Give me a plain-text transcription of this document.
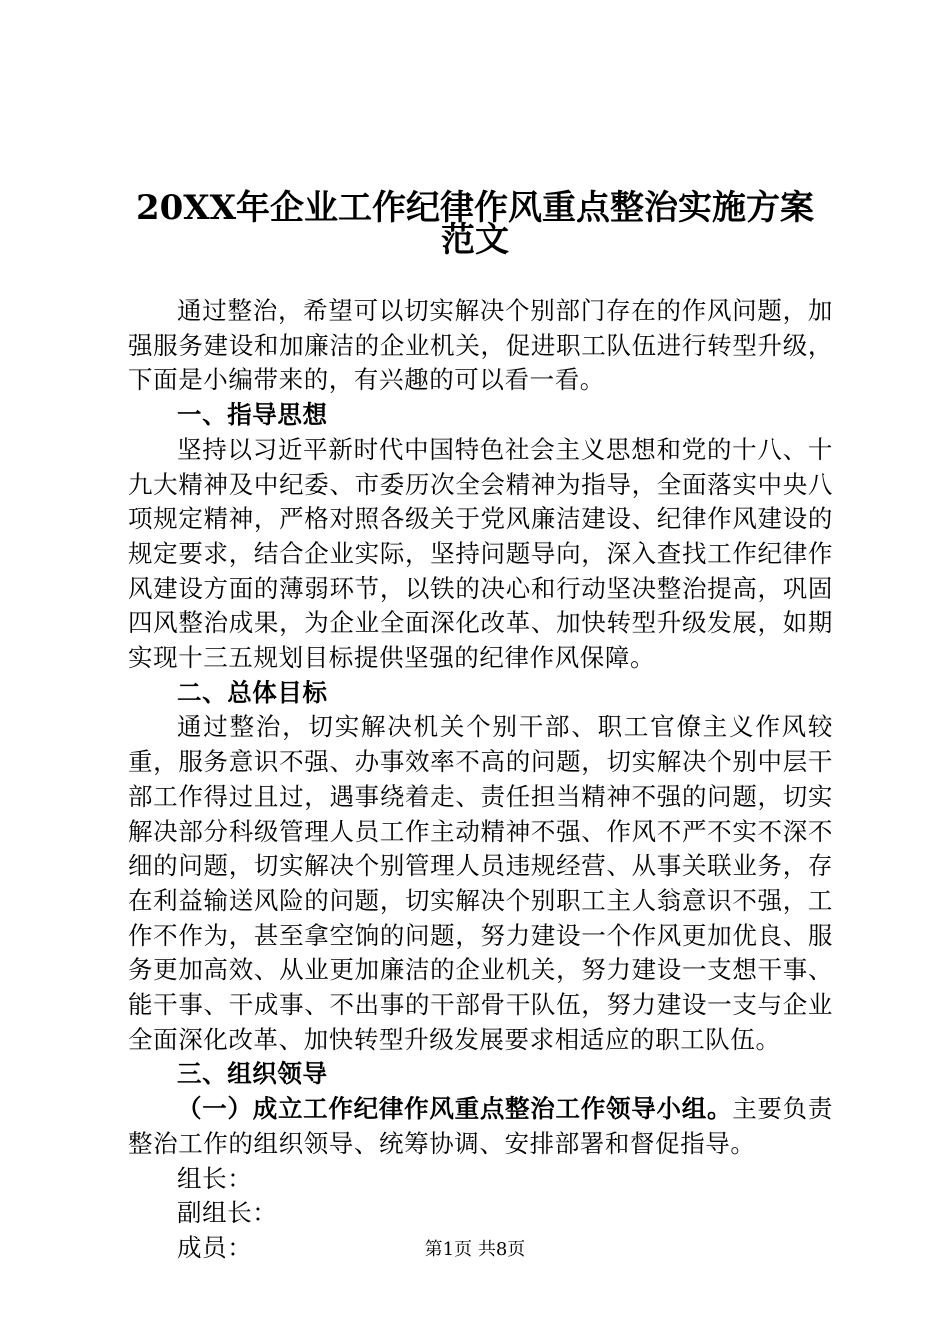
20XX年企业工作纪律作风重点整治实施方案
范文

通过整治，希望可以切实解决个别部门存在的作风问题，加强服务建设和加廉洁的企业机关，促进职工队伍进行转型升级，下面是小编带来的，有兴趣的可以看一看。

一、指导思想

坚持以习近平新时代中国特色社会主义思想和党的十八、十九大精神及中纪委、市委历次全会精神为指导，全面落实中央八项规定精神，严格对照各级关于党风廉洁建设、纪律作风建设的规定要求，结合企业实际，坚持问题导向，深入查找工作纪律作风建设方面的薄弱环节，以铁的决心和行动坚决整治提高，巩固四风整治成果，为企业全面深化改革、加快转型升级发展，如期实现十三五规划目标提供坚强的纪律作风保障。

二、总体目标

通过整治，切实解决机关个别干部、职工官僚主义作风较重，服务意识不强、办事效率不高的问题，切实解决个别中层干部工作得过且过，遇事绕着走、责任担当精神不强的问题，切实解决部分科级管理人员工作主动精神不强、作风不严不实不深不细的问题，切实解决个别管理人员违规经营、从事关联业务，存在利益输送风险的问题，切实解决个别职工主人翁意识不强，工作不作为，甚至拿空饷的问题，努力建设一个作风更加优良、服务更加高效、从业更加廉洁的企业机关，努力建设一支想干事、能干事、干成事、不出事的干部骨干队伍，努力建设一支与企业全面深化改革、加快转型升级发展要求相适应的职工队伍。

三、组织领导

（一）成立工作纪律作风重点整治工作领导小组。主要负责整治工作的组织领导、统筹协调、安排部署和督促指导。

组长：
副组长：
成员：	第1页 共8页
